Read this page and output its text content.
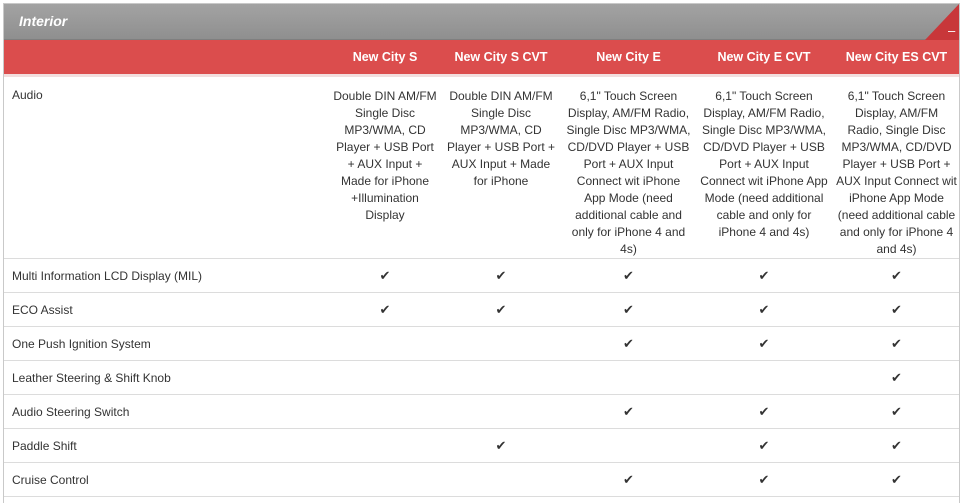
Interior
–
	New City S	New City S CVT	New City E	New City E CVT	New City ES CVT
Audio	Double DIN AM/FM Single Disc MP3/WMA, CD Player + USB Port + AUX Input + Made for iPhone +Illumination Display	Double DIN AM/FM Single Disc MP3/WMA, CD Player + USB Port + AUX Input + Made for iPhone	6,1" Touch Screen Display, AM/FM Radio, Single Disc MP3/WMA, CD/DVD Player + USB Port + AUX Input Connect wit iPhone App Mode (need additional cable and only for iPhone 4 and 4s)	6,1" Touch Screen Display, AM/FM Radio, Single Disc MP3/WMA, CD/DVD Player + USB Port + AUX Input Connect wit iPhone App Mode (need additional cable and only for iPhone 4 and 4s)	6,1" Touch Screen Display, AM/FM Radio, Single Disc MP3/WMA, CD/DVD Player + USB Port + AUX Input Connect wit iPhone App Mode (need additional cable and only for iPhone 4 and 4s)
Multi Information LCD Display (MIL)	✔	✔	✔	✔	✔
ECO Assist	✔	✔	✔	✔	✔
One Push Ignition System			✔	✔	✔
Leather Steering & Shift Knob					✔
Audio Steering Switch			✔	✔	✔
Paddle Shift		✔		✔	✔
Cruise Control			✔	✔	✔
